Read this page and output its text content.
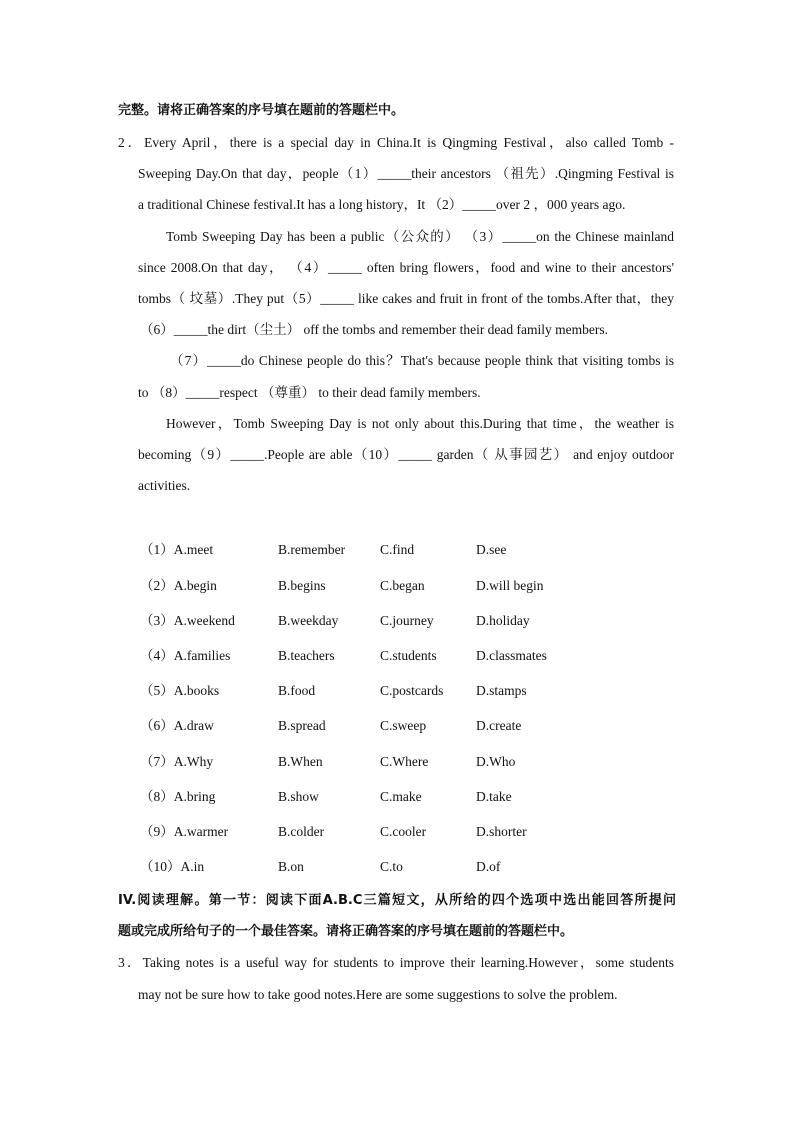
完整。请将正确答案的序号填在题前的答题栏中。
2．Every April，there is a special day in China.It is Qingming Festival，also called Tomb -
Sweeping Day.On that day，people（1）_____their ancestors （祖先）.Qingming Festival is
a traditional Chinese festival.It has a long history，It （2）_____over 2 ，000 years ago.
Tomb Sweeping Day has been a public（公众的） （3）_____on the Chinese mainland
since 2008.On that day， （4）_____ often bring flowers，food and wine to their ancestors'
tombs（ 坟墓）.They put（5）_____ like cakes and fruit in front of the tombs.After that，they
（6）_____the dirt（尘土） off the tombs and remember their dead family members.
（7）_____do Chinese people do this？That's because people think that visiting tombs is
to （8）_____respect （尊重） to their dead family members.
However，Tomb Sweeping Day is not only about this.During that time，the weather is
becoming（9）_____.People are able（10）_____ garden（ 从事园艺） and enjoy outdoor
activities.
（1）A.meet	B.remember	C.find	D.see
（2）A.begin	B.begins	C.began	D.will begin
（3）A.weekend	B.weekday	C.journey	D.holiday
（4）A.families	B.teachers	C.students	D.classmates
（5）A.books	B.food	C.postcards D.stamps
（6）A.draw	B.spread	C.sweep	D.create
（7）A.Why	B.When	C.Where	D.Who
（8）A.bring	B.show	C.make	D.take
（9）A.warmer	B.colder	C.cooler	D.shorter
（10）A.in	B.on	C.to	D.of
IV.阅读理解。第一节：阅读下面A.B.C三篇短文，从所给的四个选项中选出能回答所提问
题或完成所给句子的一个最佳答案。请将正确答案的序号填在题前的答题栏中。
3．Taking notes is a useful way for students to improve their learning.However，some students
may not be sure how to take good notes.Here are some suggestions to solve the problem.
